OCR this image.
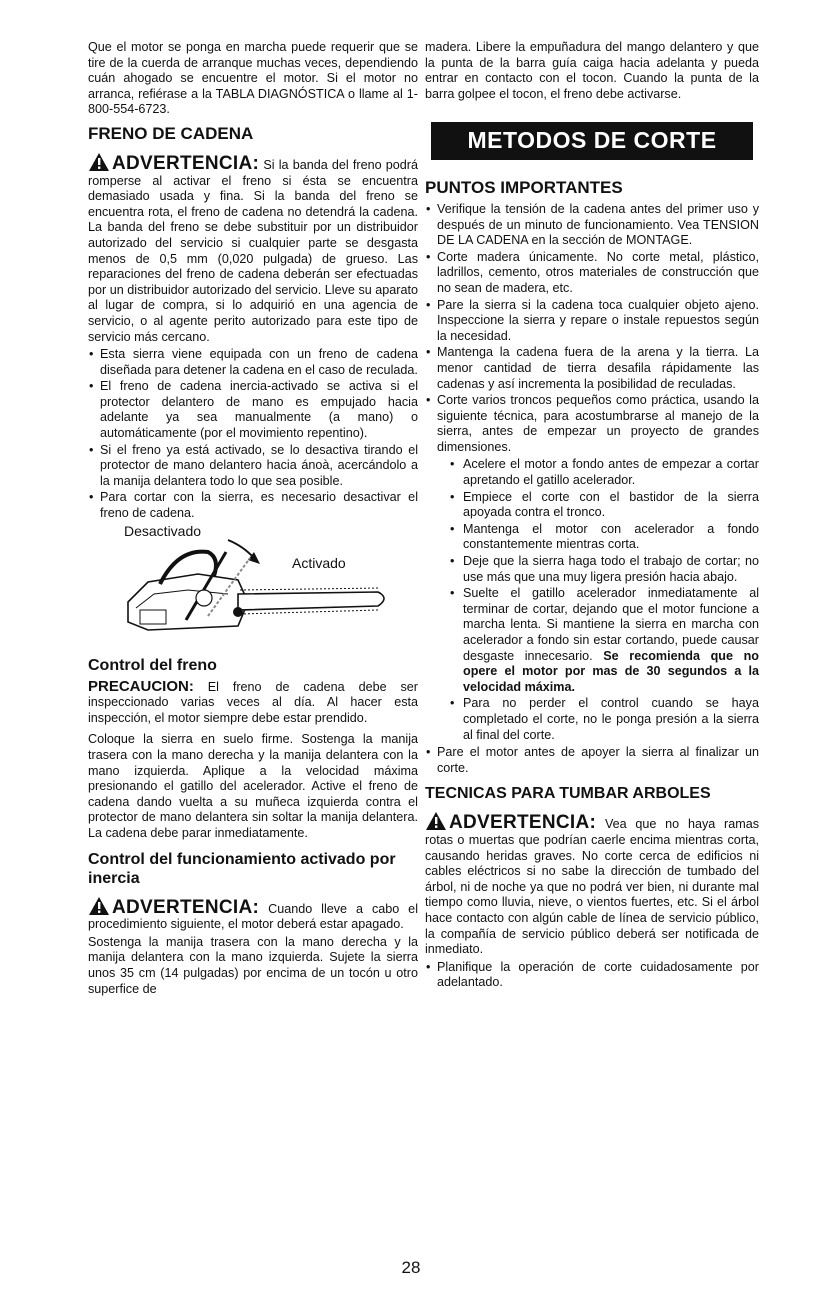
Que el motor se ponga en marcha puede requerir que se tire de la cuerda de arranque muchas veces, dependiendo cuán ahogado se encuentre el motor. Si el motor no arranca, refiérase a la TABLA DIAGNÓSTICA o llame al 1-800-554-6723.

FRENO DE CADENA

ADVERTENCIA: Si la banda del freno podrá romperse al activar el freno si ésta se encuentra demasiado usada y fina. Si la banda del freno se encuentra rota, el freno de cadena no detendrá la cadena. La banda del freno se debe substituir por un distribuidor autorizado del servicio si cualquier parte se desgasta menos de 0,5 mm (0,020 pulgada) de grueso. Las reparaciones del freno de cadena deberán ser efectuadas por un distribuidor autorizado del servicio. Lleve su aparato al lugar de compra, si lo adquirió en una agencia de servicio, o al agente perito autorizado para este tipo de servicio más cercano.

• Esta sierra viene equipada con un freno de cadena diseñada para detener la cadena en el caso de reculada.
• El freno de cadena inercia-activado se activa si el protector delantero de mano es empujado hacia adelante ya sea manualmente (a mano) o automáticamente (por el movimiento repentino).
• Si el freno ya está activado, se lo desactiva tirando el protector de mano delantero hacia ánoà, acercándolo a la manija delantera todo lo que sea posible.
• Para cortar con la sierra, es necesario desactivar el freno de cadena.
Desactivado
Activado
Control del freno

PRECAUCION: El freno de cadena debe ser inspeccionado varias veces al día. Al hacer esta inspección, el motor siempre debe estar prendido.

Coloque la sierra en suelo firme. Sostenga la manija trasera con la mano derecha y la manija delantera con la mano izquierda. Aplique a la velocidad máxima presionando el gatillo del acelerador. Active el freno de cadena dando vuelta a su muñeca izquierda contra el protector de mano delantera sin soltar la manija delantera. La cadena debe parar inmediatamente.

Control del funcionamiento activado por inercia

ADVERTENCIA: Cuando lleve a cabo el procedimiento siguiente, el motor deberá estar apagado.

Sostenga la manija trasera con la mano derecha y la manija delantera con la mano izquierda. Sujete la sierra unos 35 cm (14 pulgadas) por encima de un tocón u otro superfice de

madera. Libere la empuñadura del mango delantero y que la punta de la barra guía caiga hacia adelanta y pueda entrar en contacto con el tocon. Cuando la punta de la barra golpee el tocon, el freno debe activarse.

METODOS DE CORTE
PUNTOS IMPORTANTES
• Verifique la tensión de la cadena antes del primer uso y después de un minuto de funcionamiento. Vea TENSION DE LA CADENA en la sección de MONTAGE.
• Corte madera únicamente. No corte metal, plástico, ladrillos, cemento, otros materiales de construcción que no sean de madera, etc.
• Pare la sierra si la cadena toca cualquier objeto ajeno. Inspeccione la sierra y repare o instale repuestos según la necesidad.
• Mantenga la cadena fuera de la arena y la tierra. La menor cantidad de tierra desafila rápidamente las cadenas y así incrementa la posibilidad de reculadas.
• Corte varios troncos pequeños como práctica, usando la siguiente técnica, para acostumbrarse al manejo de la sierra, antes de empezar un proyecto de grandes dimensiones.
• Acelere el motor a fondo antes de empezar a cortar apretando el gatillo acelerador.
• Empiece el corte con el bastidor de la sierra apoyada contra el tronco.
• Mantenga el motor con acelerador a fondo constantemente mientras corta.
• Deje que la sierra haga todo el trabajo de cortar; no use más que una muy ligera presión hacia abajo.
• Suelte el gatillo acelerador inmediatamente al terminar de cortar, dejando que el motor funcione a marcha lenta. Si mantiene la sierra en marcha con acelerador a fondo sin estar cortando, puede causar desgaste innecesario. Se recomienda que no opere el motor por mas de 30 segundos a la velocidad máxima.
• Para no perder el control cuando se haya completado el corte, no le ponga presión a la sierra al final del corte.
• Pare el motor antes de apoyer la sierra al finalizar un corte.
TECNICAS PARA TUMBAR ARBOLES

ADVERTENCIA: Vea que no haya ramas rotas o muertas que podrían caerle encima mientras corta, causando heridas graves. No corte cerca de edificios ni cables eléctricos si no sabe la dirección de tumbado del árbol, ni de noche ya que no podrá ver bien, ni durante mal tiempo como lluvia, nieve, o vientos fuertes, etc. Si el árbol hace contacto con algún cable de línea de servicio público, la compañía de servicio público deberá ser notificada de inmediato.

• Planifique la operación de corte cuidadosamente por adelantado.
28
